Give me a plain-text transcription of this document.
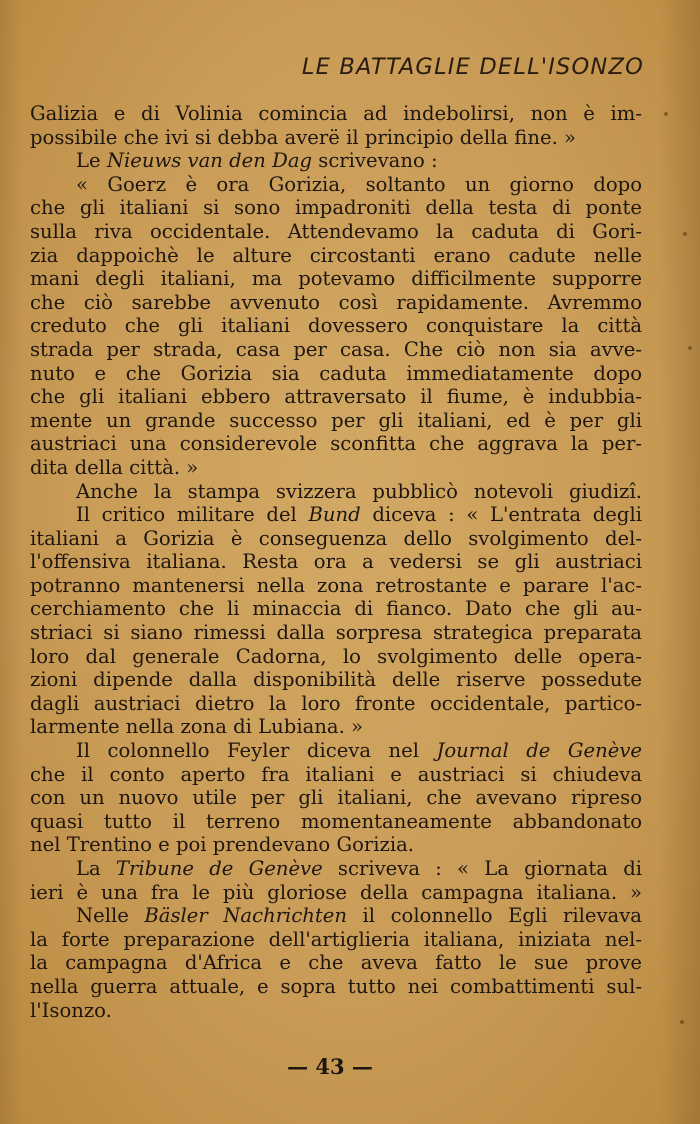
LE BATTAGLIE DELL'ISONZO
Galizia e di Volinia comincia ad indebolirsi, non è im-
possibile che ivi si debba averë il principio della fine. »
Le Nieuws van den Dag scrivevano :
« Goerz è ora Gorizia, soltanto un giorno dopo
che gli italiani si sono impadroniti della testa di ponte
sulla riva occidentale. Attendevamo la caduta di Gori-
zia dappoichè le alture circostanti erano cadute nelle
mani degli italiani, ma potevamo difficilmente supporre
che ciò sarebbe avvenuto così rapidamente. Avremmo
creduto che gli italiani dovessero conquistare la città
strada per strada, casa per casa. Che ciò non sia avve-
nuto e che Gorizia sia caduta immediatamente dopo
che gli italiani ebbero attraversato il fiume, è indubbia-
mente un grande successo per gli italiani, ed è per gli
austriaci una considerevole sconfitta che aggrava la per-
dita della città. »
Anche la stampa svizzera pubblicò notevoli giudizî.
Il critico militare del Bund diceva : « L'entrata degli
italiani a Gorizia è conseguenza dello svolgimento del-
l'offensiva italiana. Resta ora a vedersi se gli austriaci
potranno mantenersi nella zona retrostante e parare l'ac-
cerchiamento che li minaccia di fianco. Dato che gli au-
striaci si siano rimessi dalla sorpresa strategica preparata
loro dal generale Cadorna, lo svolgimento delle opera-
zioni dipende dalla disponibilità delle riserve possedute
dagli austriaci dietro la loro fronte occidentale, partico-
larmente nella zona di Lubiana. »
Il colonnello Feyler diceva nel Journal de Genève
che il conto aperto fra italiani e austriaci si chiudeva
con un nuovo utile per gli italiani, che avevano ripreso
quasi tutto il terreno momentaneamente abbandonato
nel Trentino e poi prendevano Gorizia.
La Tribune de Genève scriveva : « La giornata di
ieri è una fra le più gloriose della campagna italiana. »
Nelle Bäsler Nachrichten il colonnello Egli rilevava
la forte preparazione dell'artiglieria italiana, iniziata nel-
la campagna d'Africa e che aveva fatto le sue prove
nella guerra attuale, e sopra tutto nei combattimenti sul-
l'Isonzo.
— 43 —
